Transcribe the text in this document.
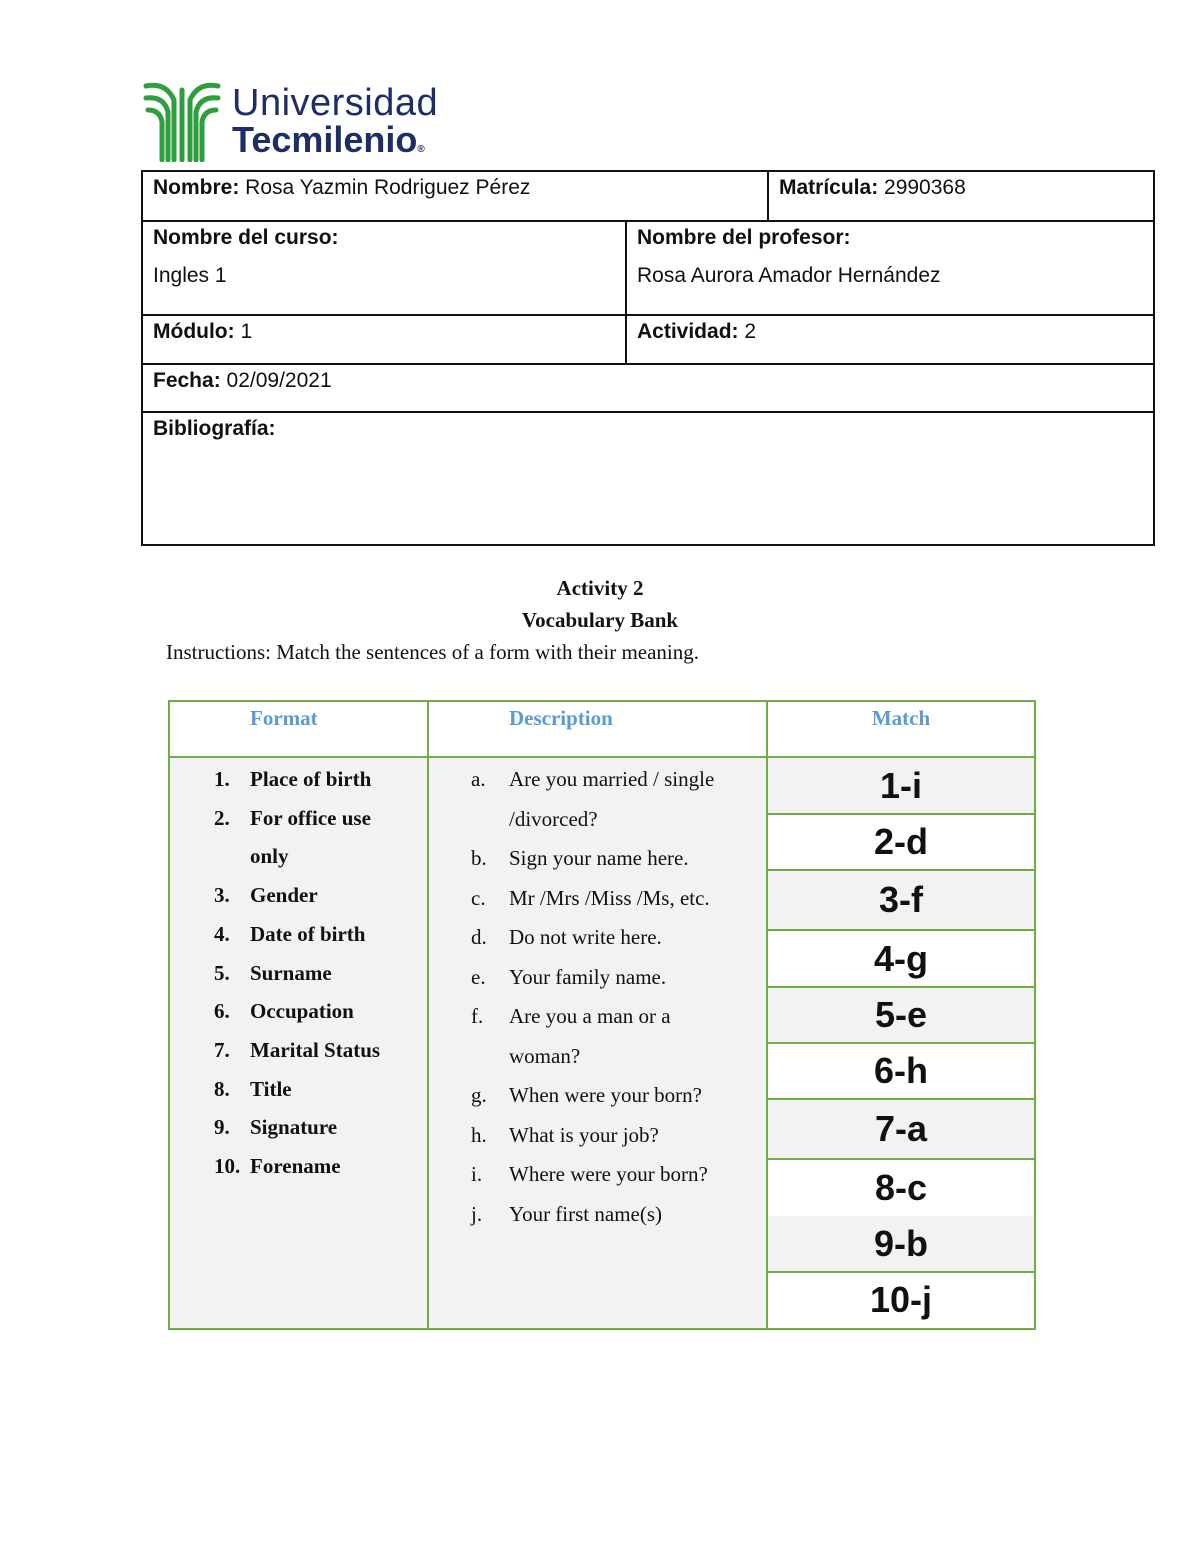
Universidad
Tecmilenio®
Nombre: Rosa Yazmin Rodriguez Pérez	Matrícula: 2990368
Nombre del curso:
Ingles 1
Nombre del profesor:
Rosa Aurora Amador Hernández
Módulo: 1	Actividad: 2
Fecha: 02/09/2021
Bibliografía:
Activity 2
Vocabulary Bank
Instructions: Match the sentences of a form with their meaning.
Format
1. Place of birth
2. For office use
only
3. Gender
4. Date of birth
5. Surname
6. Occupation
7. Marital Status
8. Title
9. Signature
10. Forename
Description
a. Are you married / single
/divorced?
b. Sign your name here.
c. Mr /Mrs /Miss /Ms, etc.
d. Do not write here.
e. Your family name.
f. Are you a man or a
woman?
g. When were your born?
h. What is your job?
i. Where were your born?
j. Your first name(s)
Match
1-i
2-d
3-f
4-g
5-e
6-h
7-a
8-c
9-b
10-j
